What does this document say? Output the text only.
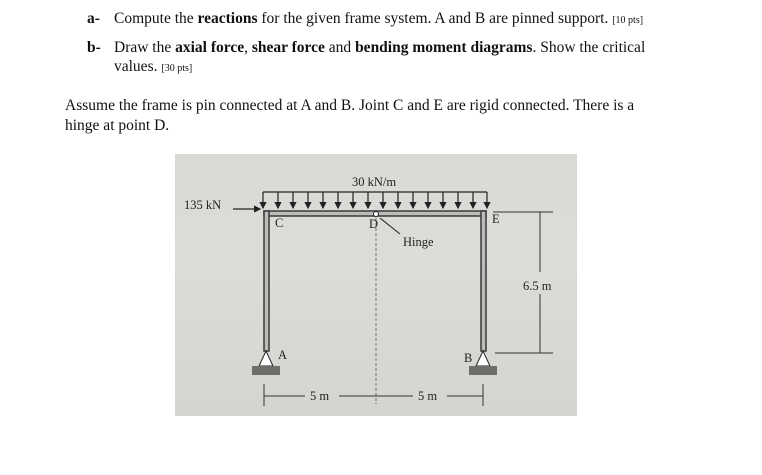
a- Compute the reactions for the given frame system. A and B are pinned support. [10 pts]
b- Draw the axial force, shear force and bending moment diagrams. Show the critical
values. [30 pts]
Assume the frame is pin connected at A and B. Joint C and E are rigid connected. There is a
hinge at point D.
30 kN/m
135 kN
C	D	E
Hinge
A	B
6.5 m
5 m	5 m
